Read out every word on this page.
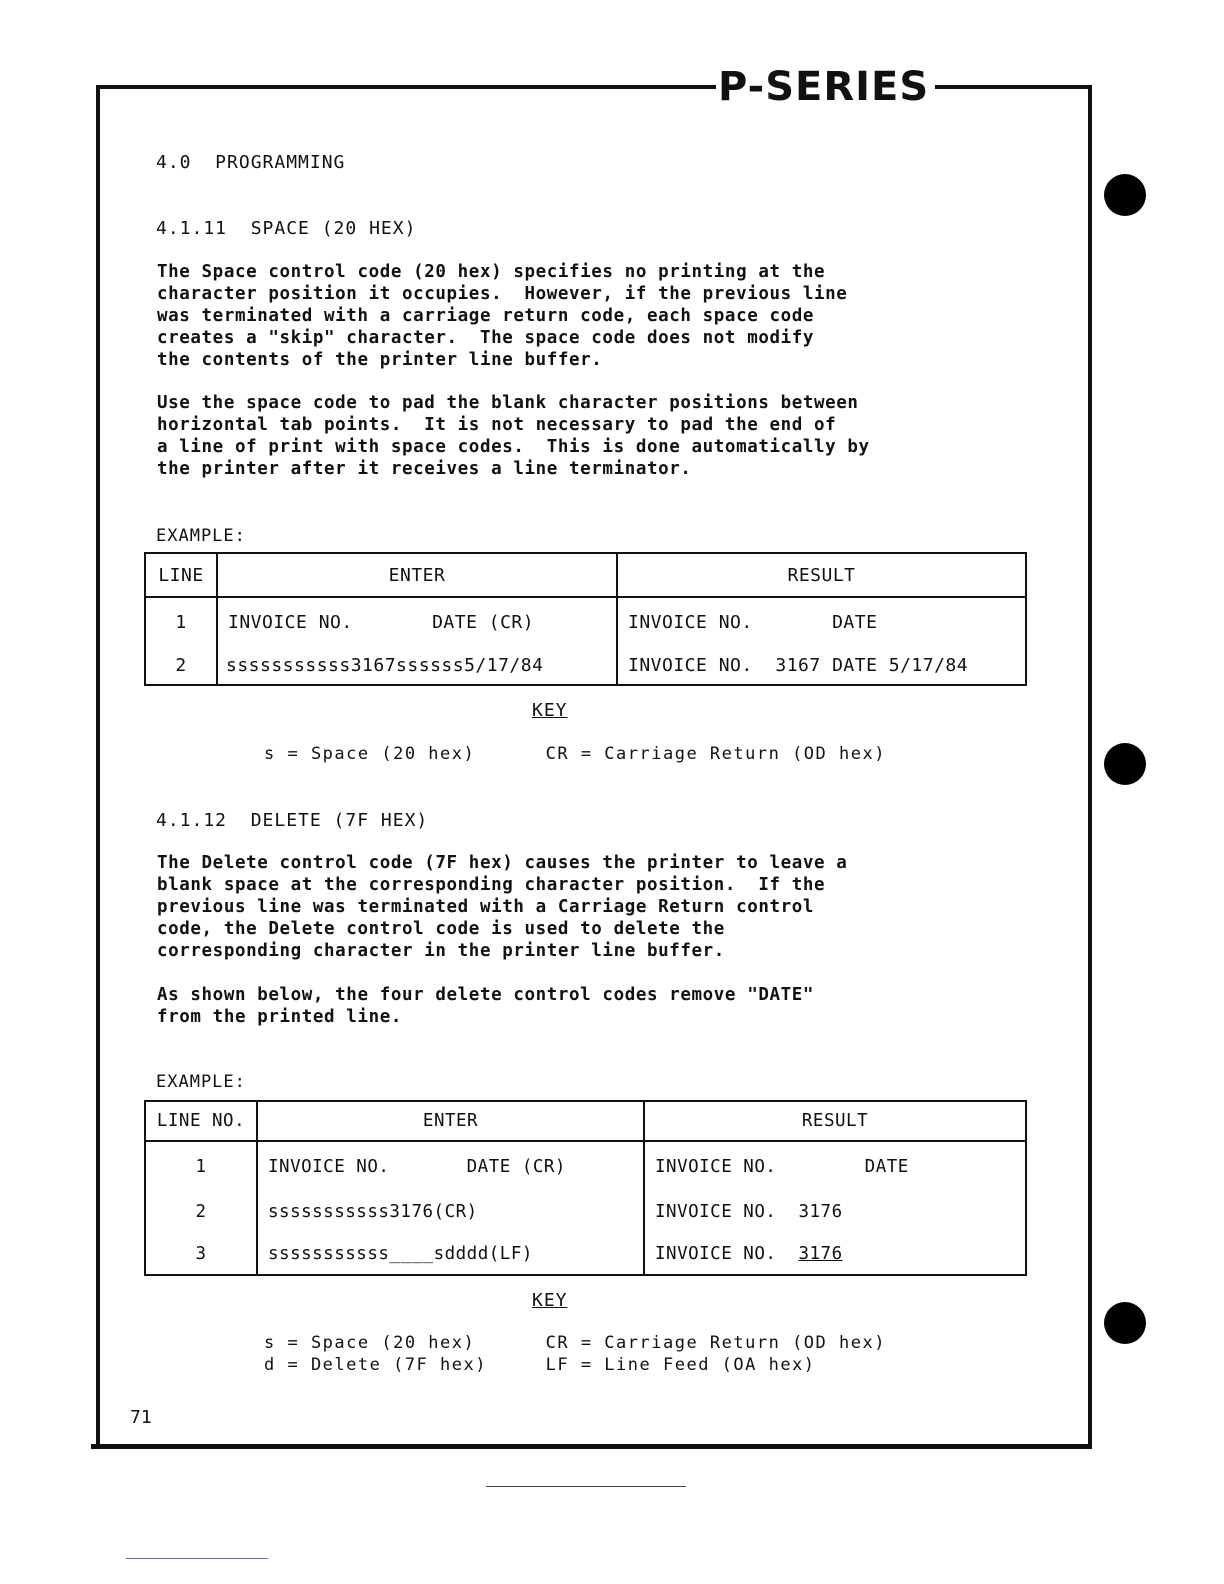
P-SERIES
4.0  PROGRAMMING
4.1.11  SPACE (20 HEX)
The Space control code (20 hex) specifies no printing at the
character position it occupies.  However, if the previous line
was terminated with a carriage return code, each space code
creates a "skip" character.  The space code does not modify
the contents of the printer line buffer.
Use the space code to pad the blank character positions between
horizontal tab points.  It is not necessary to pad the end of
a line of print with space codes.  This is done automatically by
the printer after it receives a line terminator.
EXAMPLE:
LINE	ENTER	RESULT
1	INVOICE NO.       DATE (CR)	INVOICE NO.       DATE
2	sssssssssss3167ssssss5/17/84	INVOICE NO.  3167 DATE 5/17/84
KEY
s = Space (20 hex)      CR = Carriage Return (OD hex)
4.1.12  DELETE (7F HEX)
The Delete control code (7F hex) causes the printer to leave a
blank space at the corresponding character position.  If the
previous line was terminated with a Carriage Return control
code, the Delete control code is used to delete the
corresponding character in the printer line buffer.
As shown below, the four delete control codes remove "DATE"
from the printed line.
EXAMPLE:
LINE NO.	ENTER	RESULT
1	INVOICE NO.       DATE (CR)	INVOICE NO.        DATE
2	sssssssssss3176(CR)	INVOICE NO.  3176
3	sssssssssss____sdddd(LF)	INVOICE NO.  3176
KEY
s = Space (20 hex)      CR = Carriage Return (OD hex)
d = Delete (7F hex)     LF = Line Feed (OA hex)
71
